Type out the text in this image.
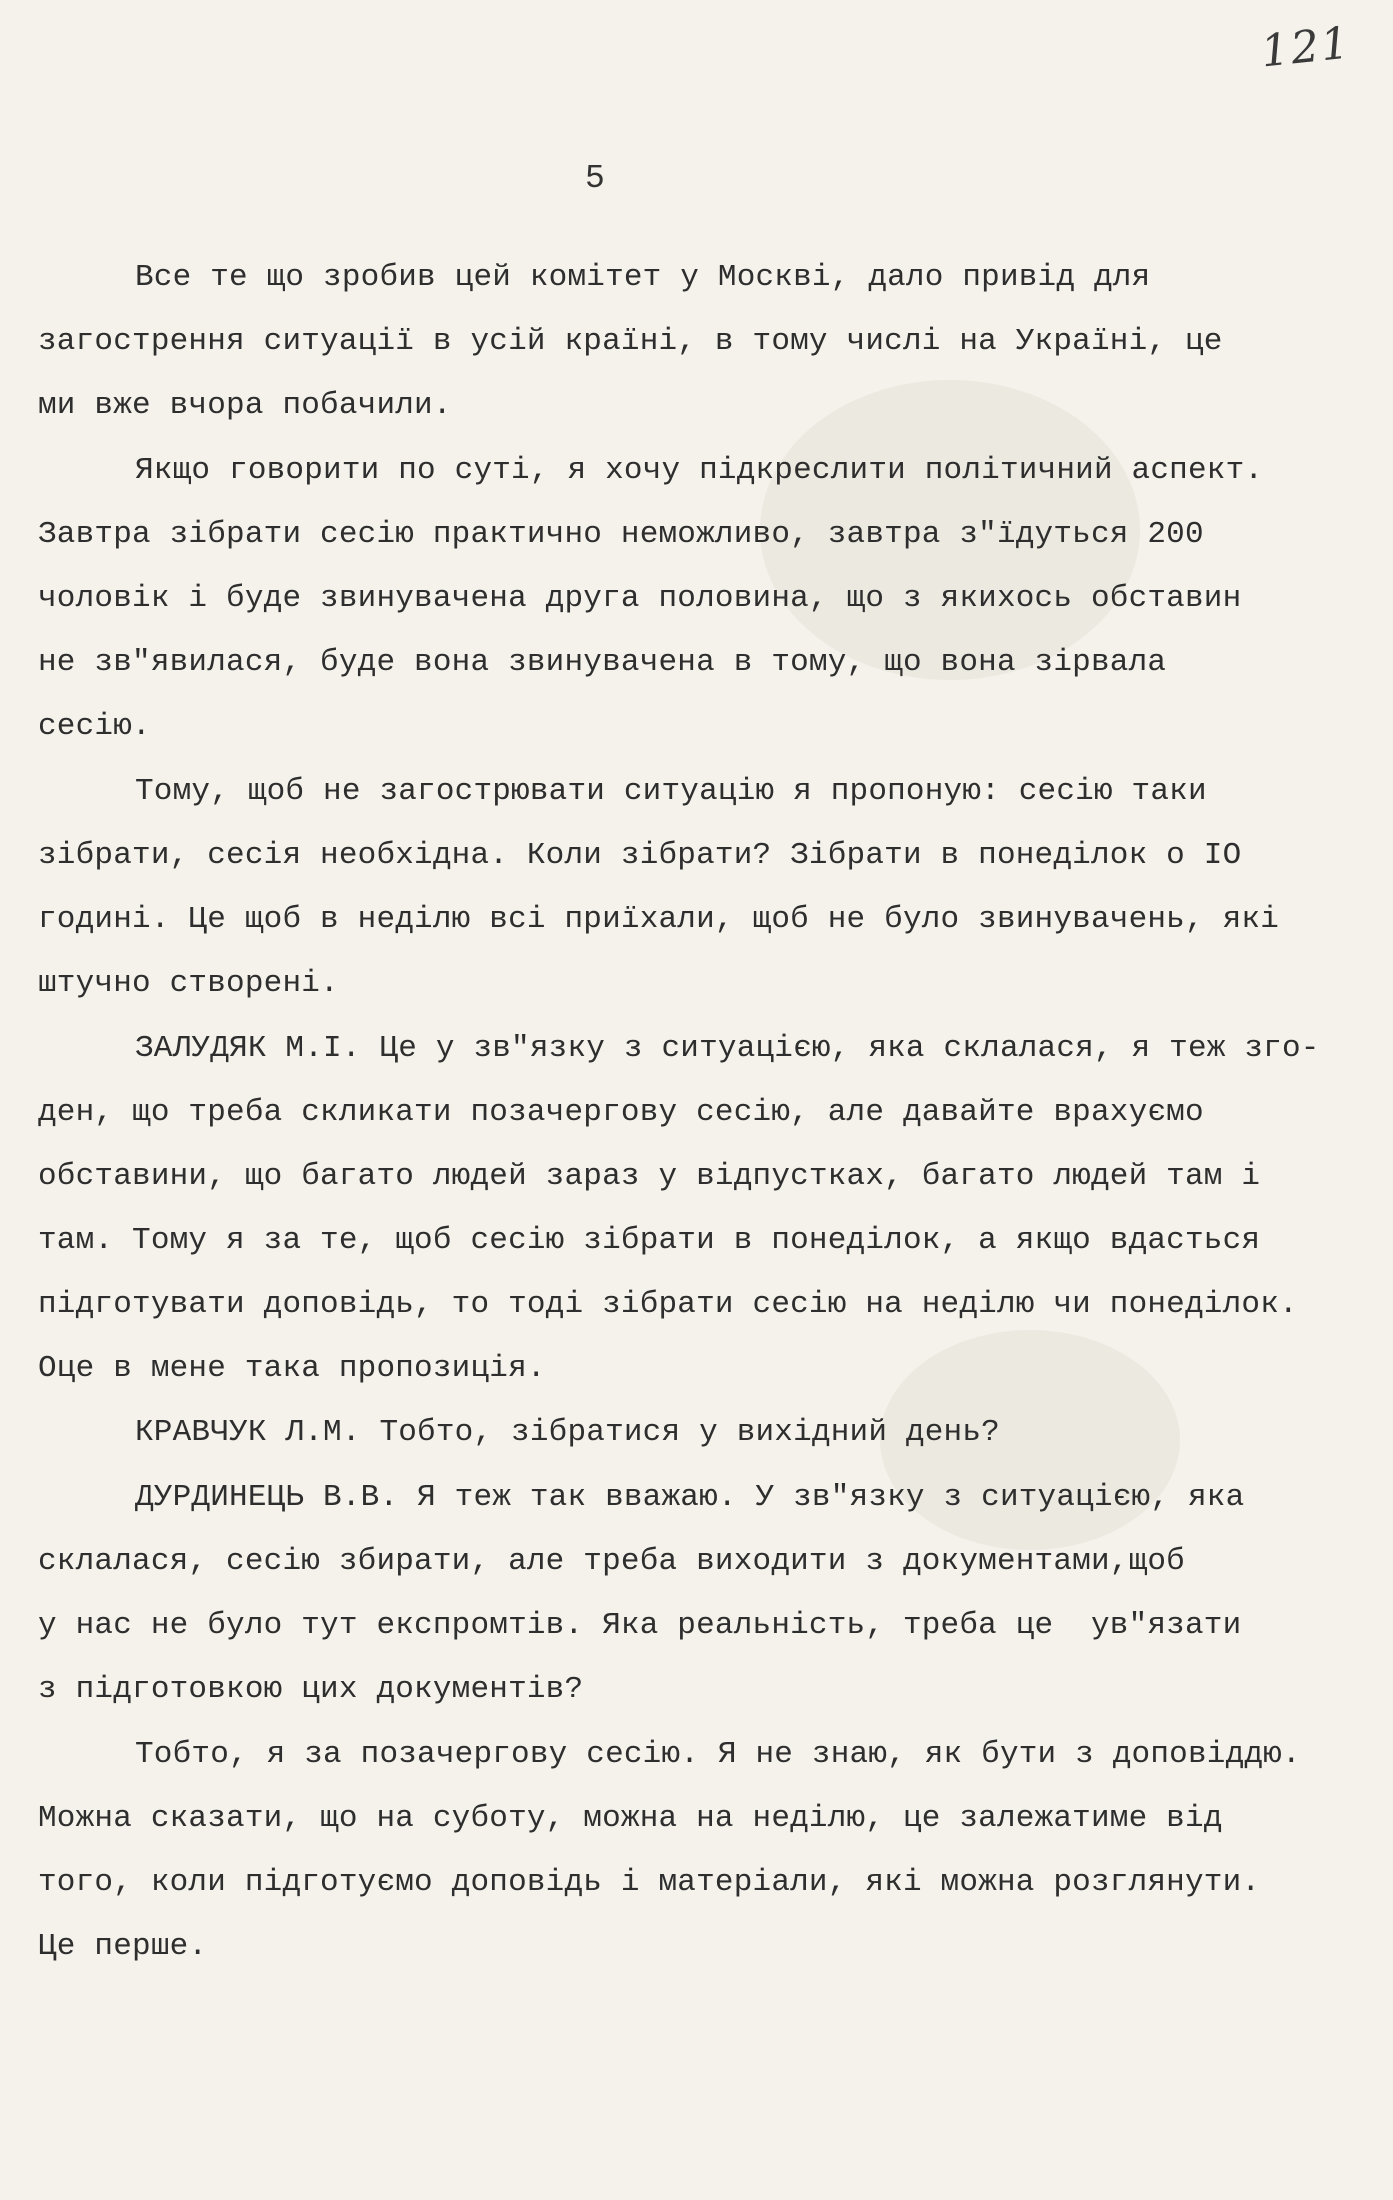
121
5
Все те що зробив цей комітет у Москві, дало привід для
загострення ситуації в усій країні, в тому числі на Україні, це
ми вже вчора побачили.
Якщо говорити по суті, я хочу підкреслити політичний аспект.
Завтра зібрати сесію практично неможливо, завтра з"їдуться 200
чоловік і буде звинувачена друга половина, що з якихось обставин
не зв"явилася, буде вона звинувачена в тому, що вона зірвала
сесію.
Тому, щоб не загострювати ситуацію я пропоную: сесію таки
зібрати, сесія необхідна. Коли зібрати? Зібрати в понеділок о IO
годині. Це щоб в неділю всі приїхали, щоб не було звинувачень, які
штучно створені.
ЗАЛУДЯК М.І. Це у зв"язку з ситуацією, яка склалася, я теж зго-
ден, що треба скликати позачергову сесію, але давайте врахуємо
обставини, що багато людей зараз у відпустках, багато людей там і
там. Тому я за те, щоб сесію зібрати в понеділок, а якщо вдасться
підготувати доповідь, то тоді зібрати сесію на неділю чи понеділок.
Оце в мене така пропозиція.
КРАВЧУК Л.М. Тобто, зібратися у вихідний день?
ДУРДИНЕЦЬ В.В. Я теж так вважаю. У зв"язку з ситуацією, яка
склалася, сесію збирати, але треба виходити з документами,щоб
у нас не було тут експромтів. Яка реальність, треба це  ув"язати
з підготовкою цих документів?
Тобто, я за позачергову сесію. Я не знаю, як бути з доповіддю.
Можна сказати, що на суботу, можна на неділю, це залежатиме від
того, коли підготуємо доповідь і матеріали, які можна розглянути.
Це перше.
